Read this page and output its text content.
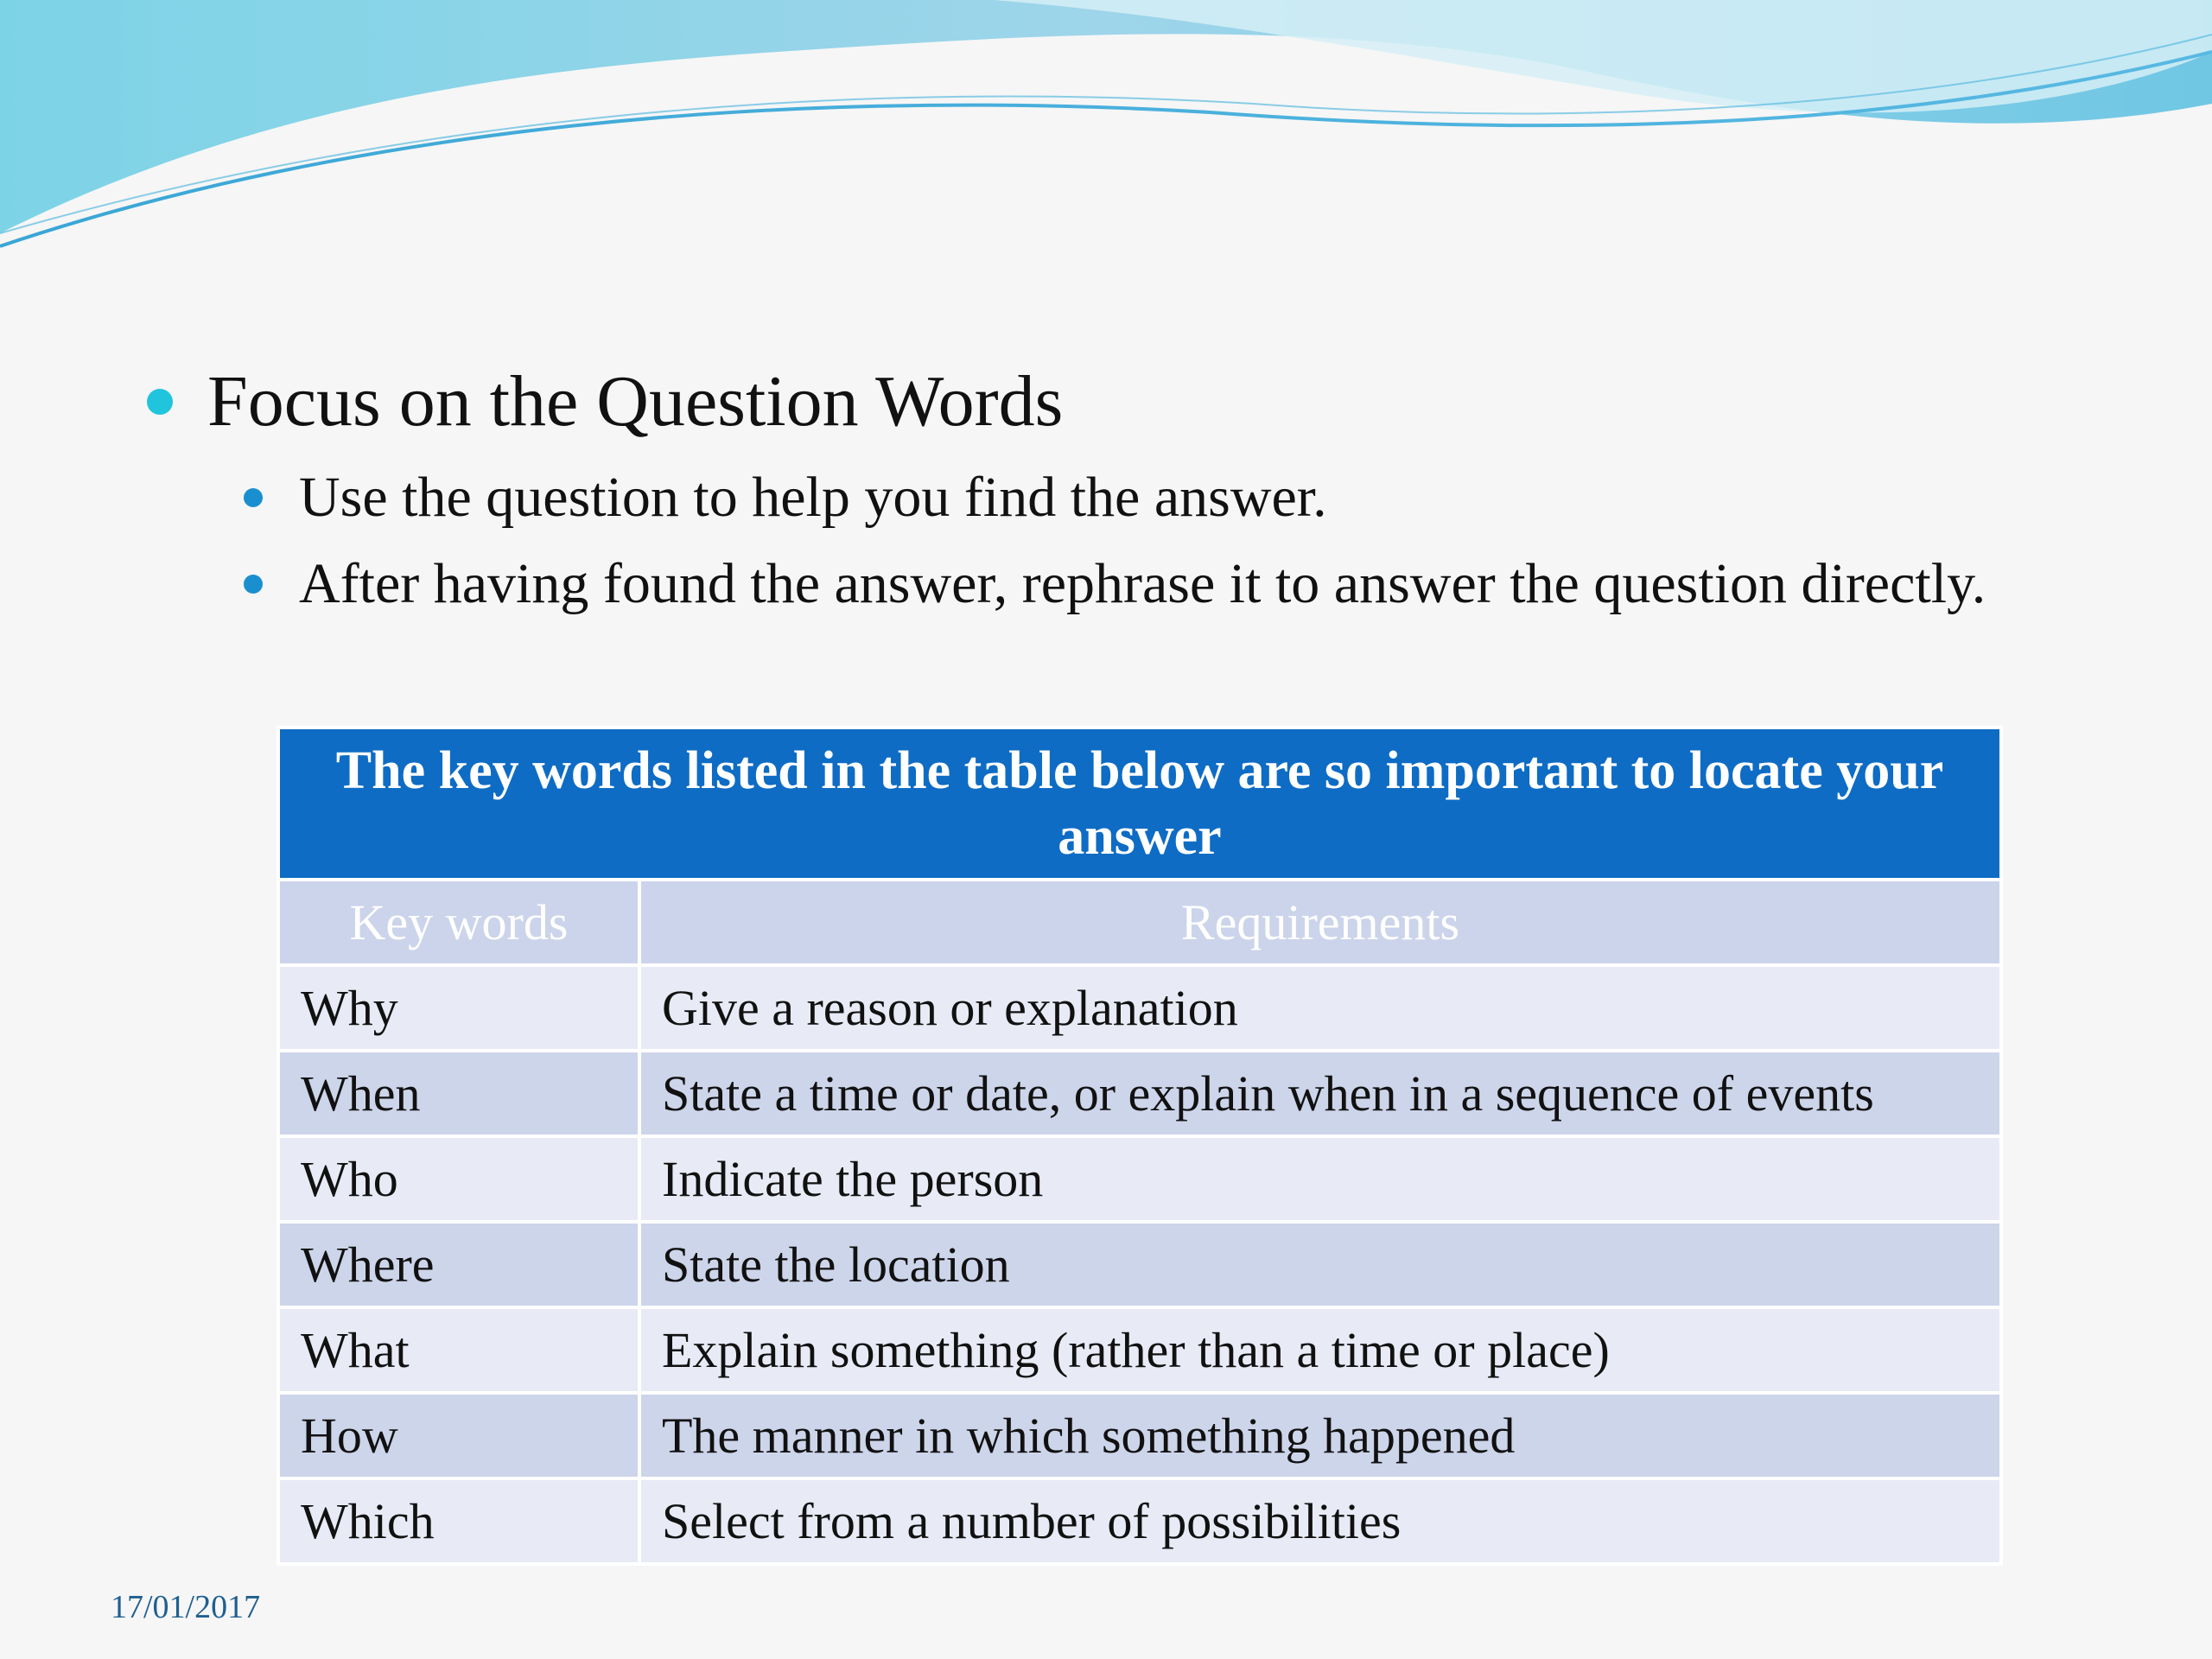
Focus on the Question Words
Use the question to help you find the answer.
After having found the answer, rephrase it to answer the question directly.
The key words listed in the table below are so important to locate your answer	
Key words	Requirements
Why	Give a reason or explanation
When	State a time or date, or explain when in a sequence of events
Who	Indicate the person
Where	State the location
What	Explain something (rather than a time or place)
How	The manner in which something happened
Which	Select from a number of possibilities
17/01/2017
